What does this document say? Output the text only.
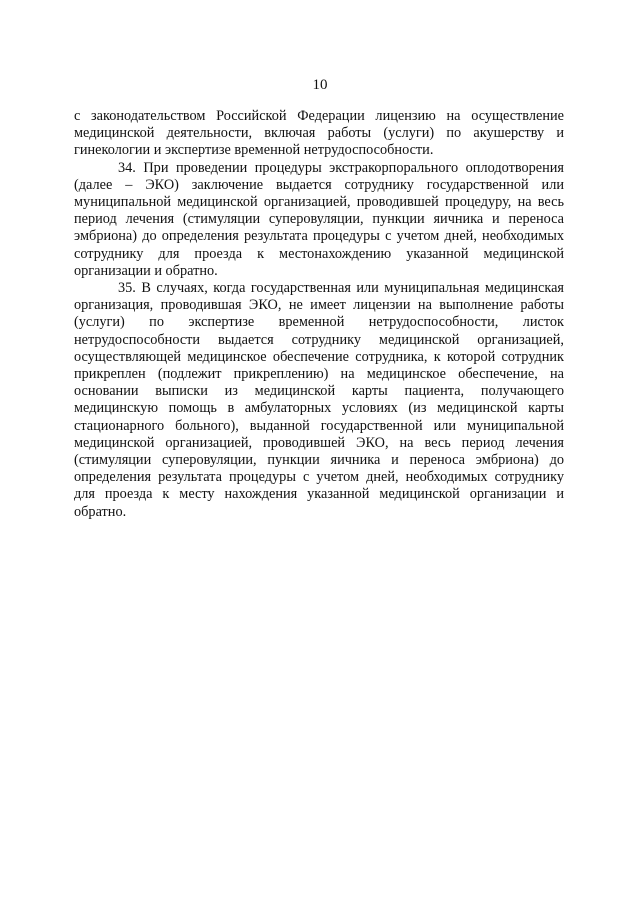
10

с законодательством Российской Федерации лицензию на осуществление медицинской деятельности, включая работы (услуги) по акушерству и гинекологии и экспертизе временной нетрудоспособности.

34. При проведении процедуры экстракорпорального оплодотворения (далее – ЭКО) заключение выдается сотруднику государственной или муниципальной медицинской организацией, проводившей процедуру, на весь период лечения (стимуляции суперовуляции, пункции яичника и переноса эмбриона) до определения результата процедуры с учетом дней, необходимых сотруднику для проезда к местонахождению указанной медицинской организации и обратно.

35. В случаях, когда государственная или муниципальная медицинская организация, проводившая ЭКО, не имеет лицензии на выполнение работы (услуги) по экспертизе временной нетрудоспособности, листок нетрудоспособности выдается сотруднику медицинской организацией, осуществляющей медицинское обеспечение сотрудника, к которой сотрудник прикреплен (подлежит прикреплению) на медицинское обеспечение, на основании выписки из медицинской карты пациента, получающего медицинскую помощь в амбулаторных условиях (из медицинской карты стационарного больного), выданной государственной или муниципальной медицинской организацией, проводившей ЭКО, на весь период лечения (стимуляции суперовуляции, пункции яичника и переноса эмбриона) до определения результата процедуры с учетом дней, необходимых сотруднику для проезда к месту нахождения указанной медицинской организации и обратно.
